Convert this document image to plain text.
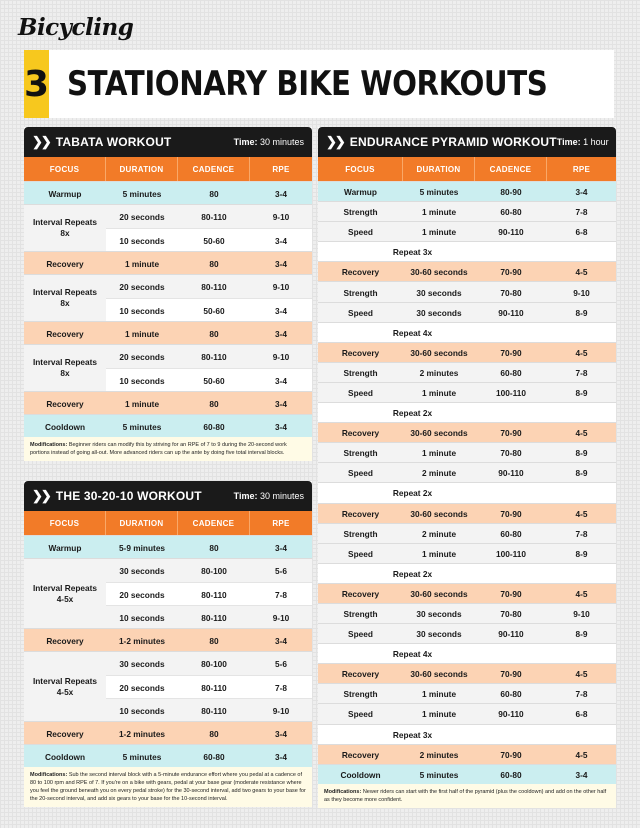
Bicycling
3 STATIONARY BIKE WORKOUTS
❯❯ TABATA WORKOUT	Time: 30 minutes
FOCUS	DURATION	CADENCE	RPE
Warmup	5 minutes	80	3-4
Interval Repeats
8x
20 seconds	80-110	9-10
10 seconds	50-60	3-4
Recovery	1 minute	80	3-4
Interval Repeats
8x
20 seconds	80-110	9-10
10 seconds	50-60	3-4
Recovery	1 minute	80	3-4
Interval Repeats
8x
20 seconds	80-110	9-10
10 seconds	50-60	3-4
Recovery	1 minute	80	3-4
Cooldown	5 minutes	60-80	3-4
Modifications: Beginner riders can modify this by striving for an RPE of 7 to 9 during the 20-second work portions instead of going all-out. More advanced riders can up the ante by doing five total interval blocks.
❯❯ THE 30-20-10 WORKOUT	Time: 30 minutes
FOCUS	DURATION	CADENCE	RPE
Warmup	5-9 minutes	80	3-4
Interval Repeats
4-5x
30 seconds	80-100	5-6
20 seconds	80-110	7-8
10 seconds	80-110	9-10
Recovery	1-2 minutes	80	3-4
Interval Repeats
4-5x
30 seconds	80-100	5-6
20 seconds	80-110	7-8
10 seconds	80-110	9-10
Recovery	1-2 minutes	80	3-4
Cooldown	5 minutes	60-80	3-4
Modifications: Sub the second interval block with a 5-minute endurance effort where you pedal at a cadence of 80 to 100 rpm and RPE of 7. If you're on a bike with gears, pedal at your base gear (moderate resistance where you feel the ground beneath you on every pedal stroke) for the 30-second interval, add two gears to your base for the 20-second interval, and add six gears to your base for the 10-second interval.
❯❯ ENDURANCE PYRAMID WORKOUT Time: 1 hour
FOCUS	DURATION	CADENCE	RPE
Warmup	5 minutes	80-90	3-4
Strength	1 minute	60-80	7-8
Speed	1 minute	90-110	6-8
Repeat 3x
Recovery	30-60 seconds	70-90	4-5
Strength	30 seconds	70-80	9-10
Speed	30 seconds	90-110	8-9
Repeat 4x
Recovery	30-60 seconds	70-90	4-5
Strength	2 minutes	60-80	7-8
Speed	1 minute	100-110	8-9
Repeat 2x
Recovery	30-60 seconds	70-90	4-5
Strength	1 minute	70-80	8-9
Speed	2 minute	90-110	8-9
Repeat 2x
Recovery	30-60 seconds	70-90	4-5
Strength	2 minute	60-80	7-8
Speed	1 minute	100-110	8-9
Repeat 2x
Recovery	30-60 seconds	70-90	4-5
Strength	30 seconds	70-80	9-10
Speed	30 seconds	90-110	8-9
Repeat 4x
Recovery	30-60 seconds	70-90	4-5
Strength	1 minute	60-80	7-8
Speed	1 minute	90-110	6-8
Repeat 3x
Recovery	2 minutes	70-90	4-5
Cooldown	5 minutes	60-80	3-4
Modifications: Newer riders can start with the first half of the pyramid (plus the cooldown) and add on the other half as they become more confident.
